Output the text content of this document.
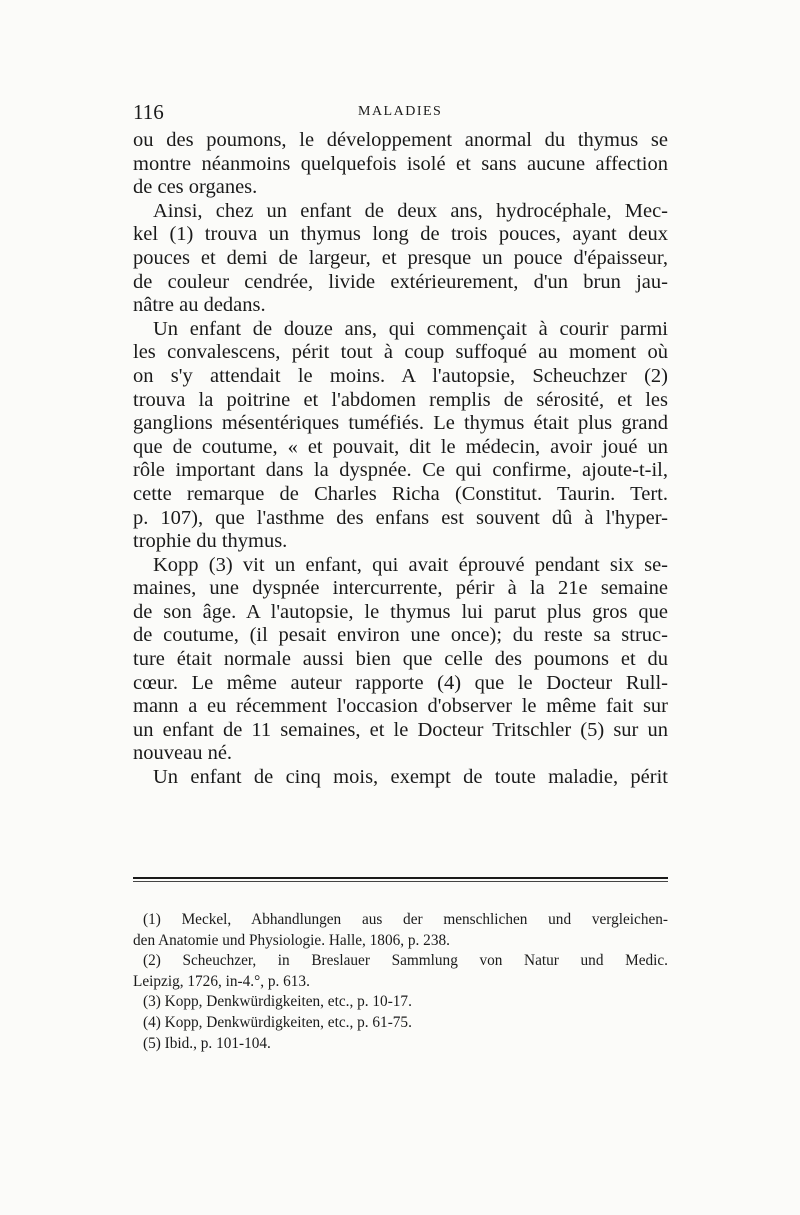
116	MALADIES
ou des poumons, le développement anormal du thymus se
montre néanmoins quelquefois isolé et sans aucune affection
de ces organes.
Ainsi, chez un enfant de deux ans, hydrocéphale, Mec-
kel (1) trouva un thymus long de trois pouces, ayant deux
pouces et demi de largeur, et presque un pouce d'épaisseur,
de couleur cendrée, livide extérieurement, d'un brun jau-
nâtre au dedans.
Un enfant de douze ans, qui commençait à courir parmi
les convalescens, périt tout à coup suffoqué au moment où
on s'y attendait le moins. A l'autopsie, Scheuchzer (2)
trouva la poitrine et l'abdomen remplis de sérosité, et les
ganglions mésentériques tuméfiés. Le thymus était plus grand
que de coutume, « et pouvait, dit le médecin, avoir joué un
rôle important dans la dyspnée. Ce qui confirme, ajoute-t-il,
cette remarque de Charles Richa (Constitut. Taurin. Tert.
p. 107), que l'asthme des enfans est souvent dû à l'hyper-
trophie du thymus.
Kopp (3) vit un enfant, qui avait éprouvé pendant six se-
maines, une dyspnée intercurrente, périr à la 21e semaine
de son âge. A l'autopsie, le thymus lui parut plus gros que
de coutume, (il pesait environ une once); du reste sa struc-
ture était normale aussi bien que celle des poumons et du
cœur. Le même auteur rapporte (4) que le Docteur Rull-
mann a eu récemment l'occasion d'observer le même fait sur
un enfant de 11 semaines, et le Docteur Tritschler (5) sur un
nouveau né.
Un enfant de cinq mois, exempt de toute maladie, périt
(1) Meckel, Abhandlungen aus der menschlichen und vergleichen-
den Anatomie und Physiologie. Halle, 1806, p. 238.
(2) Scheuchzer, in Breslauer Sammlung von Natur und Medic.
Leipzig, 1726, in-4.°, p. 613.
(3) Kopp, Denkwürdigkeiten, etc., p. 10-17.
(4) Kopp, Denkwürdigkeiten, etc., p. 61-75.
(5) Ibid., p. 101-104.
